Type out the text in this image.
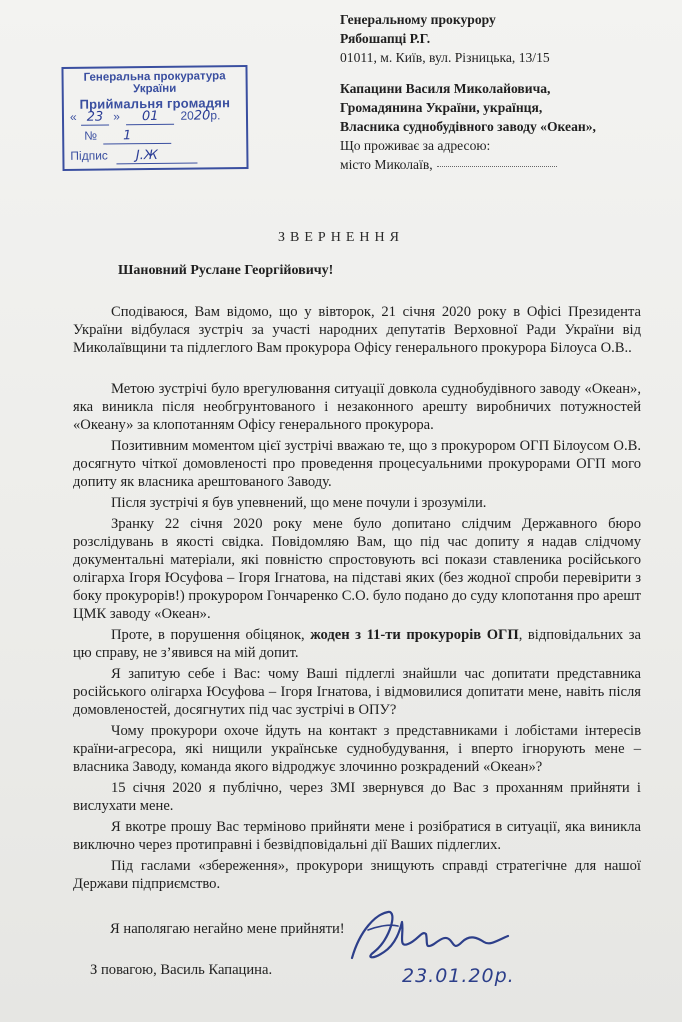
Генеральному прокурору
Рябошапці Р.Г.
01011, м. Київ, вул. Різницька, 13/15
Капацини Василя Миколайовича,
Громадянина України, українця,
Власника суднобудівного заводу «Океан»,
Що проживає за адресою:
місто Миколаїв,
Генеральна прокуратура України
Приймальня громадян
« 23 » 01 2020р.
№ 1
Підпис Ј.Ж
ЗВЕРНЕННЯ
Шановний Руслане Георгійовичу!

Сподіваюся, Вам відомо, що у вівторок, 21 січня 2020 року в Офісі Президента України відбулася зустріч за участі народних депутатів Верховної Ради України від Миколаївщини та підлеглого Вам прокурора Офісу генерального прокурора Білоуса О.В..

Метою зустрічі було врегулювання ситуації довкола суднобудівного заводу «Океан», яка виникла після необгрунтованого і незаконного арешту виробничих потужностей «Океану» за клопотанням Офісу генерального прокурора.

Позитивним моментом цієї зустрічі вважаю те, що з прокурором ОГП Білоусом О.В. досягнуто чіткої домовленості про проведення процесуальними прокурорами ОГП мого допиту як власника арештованого Заводу.

Після зустрічі я був упевнений, що мене почули і зрозуміли.

Зранку 22 січня 2020 року мене було допитано слідчим Державного бюро розслідувань в якості свідка. Повідомляю Вам, що під час допиту я надав слідчому документальні матеріали, які повністю спростовують всі покази ставленика російського олігарха Ігоря Юсуфова – Ігоря Ігнатова, на підставі яких (без жодної спроби перевірити з боку прокурорів!) прокурором Гончаренко С.О. було подано до суду клопотання про арешт ЦМК заводу «Океан».

Проте, в порушення обіцянок, жоден з 11-ти прокурорів ОГП, відповідальних за цю справу, не з’явився на мій допит.

Я запитую себе і Вас: чому Ваші підлеглі знайшли час допитати представника російського олігарха Юсуфова – Ігоря Ігнатова, і відмовилися допитати мене, навіть після домовленостей, досягнутих під час зустрічі в ОПУ?

Чому прокурори охоче йдуть на контакт з представниками і лобістами інтересів країни-агресора, які нищили українське суднобудування, і вперто ігнорують мене – власника Заводу, команда якого відроджує злочинно розкрадений «Океан»?

15 січня 2020 я публічно, через ЗМІ звернувся до Вас з проханням прийняти і вислухати мене.

Я вкотре прошу Вас терміново прийняти мене і розібратися в ситуації, яка виникла виключно через протиправні і безвідповідальні дії Ваших підлеглих.

Під гаслами «збереження», прокурори знищують справді стратегічне для нашої Держави підприємство.

Я наполягаю негайно мене прийняти!
З повагою, Василь Капацина.	23.01.20р.
